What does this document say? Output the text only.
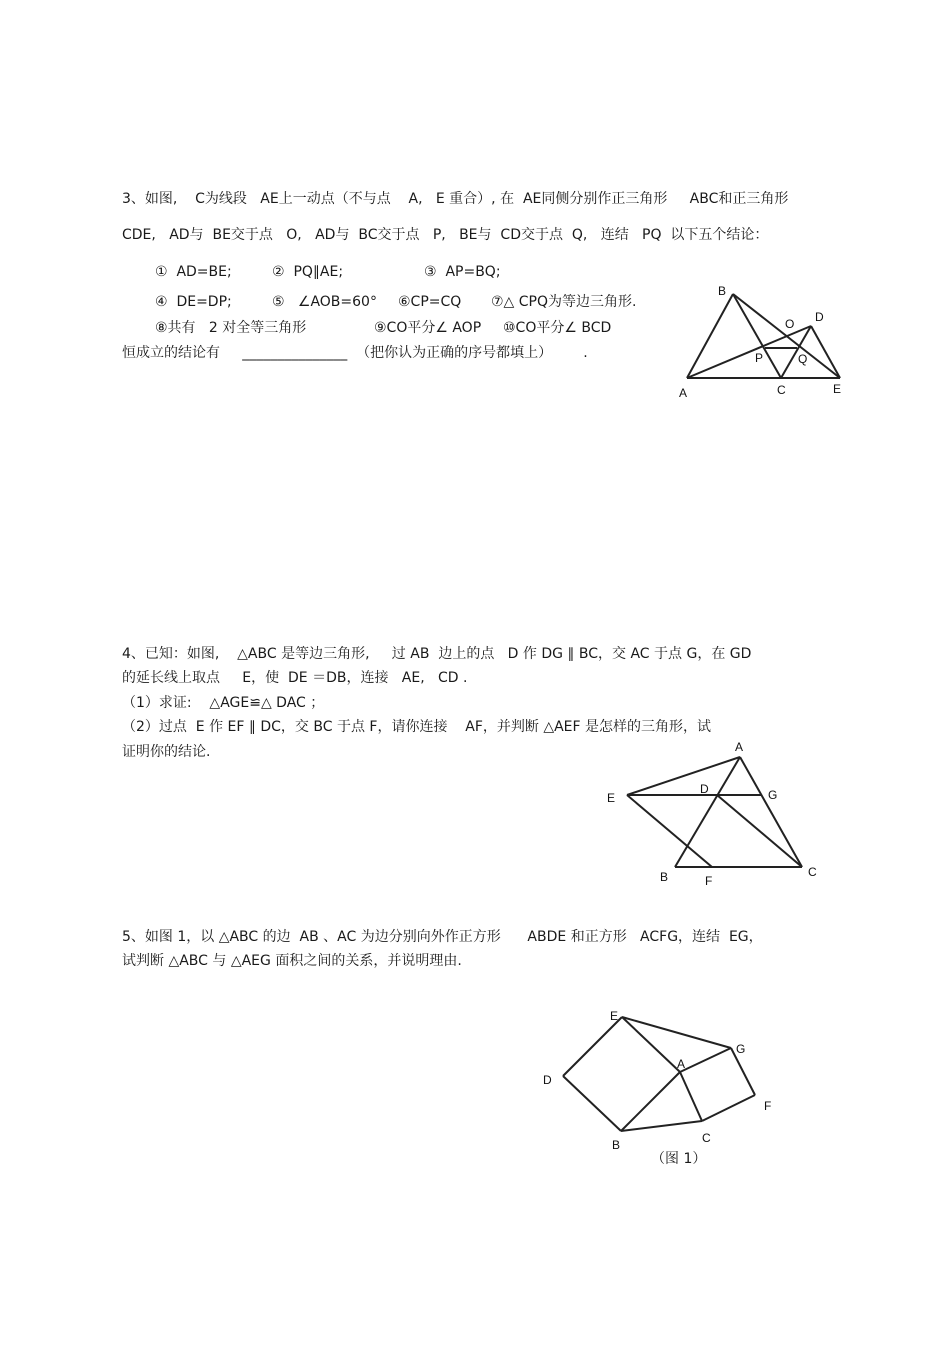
3、如图,    C为线段   AE上一动点（不与点    A,   E 重合）, 在  AE同侧分别作正三角形     ABC和正三角形
CDE,   AD与  BE交于点   O,   AD与  BC交于点   P,   BE与  CD交于点  Q,   连结   PQ  以下五个结论：
①  AD=BE;	②  PQ∥AE;	③  AP=BQ;
④  DE=DP;	⑤   ∠AOB=60° ⑥CP=CQ ⑦△ CPQ为等边三角形.
⑧共有   2 对全等三角形	⑨CO平分∠ AOP ⑩CO平分∠ BCD
恒成立的结论有     _______________  （把你认为正确的序号都填上）       .
B
O D
P	Q
A	C	E
4、已知：如图,    △ABC 是等边三角形,     过 AB  边上的点   D 作 DG ∥ BC，交 AC 于点 G，在 GD
的延长线上取点     E，使  DE ＝DB，连接   AE,   CD .
（1）求证:    △AGE≌△ DAC ；
（2）过点  E 作 EF ∥ DC，交 BC 于点 F，请你连接    AF，并判断 △AEF 是怎样的三角形，试
证明你的结论.	A
D	G
E
B	F
C
5、如图 1，以 △ABC 的边  AB 、AC 为边分别向外作正方形      ABDE 和正方形   ACFG，连结  EG，
试判断 △ABC 与 △AEG 面积之间的关系，并说明理由.
E
A
G
D
F
B	C
（图 1）
